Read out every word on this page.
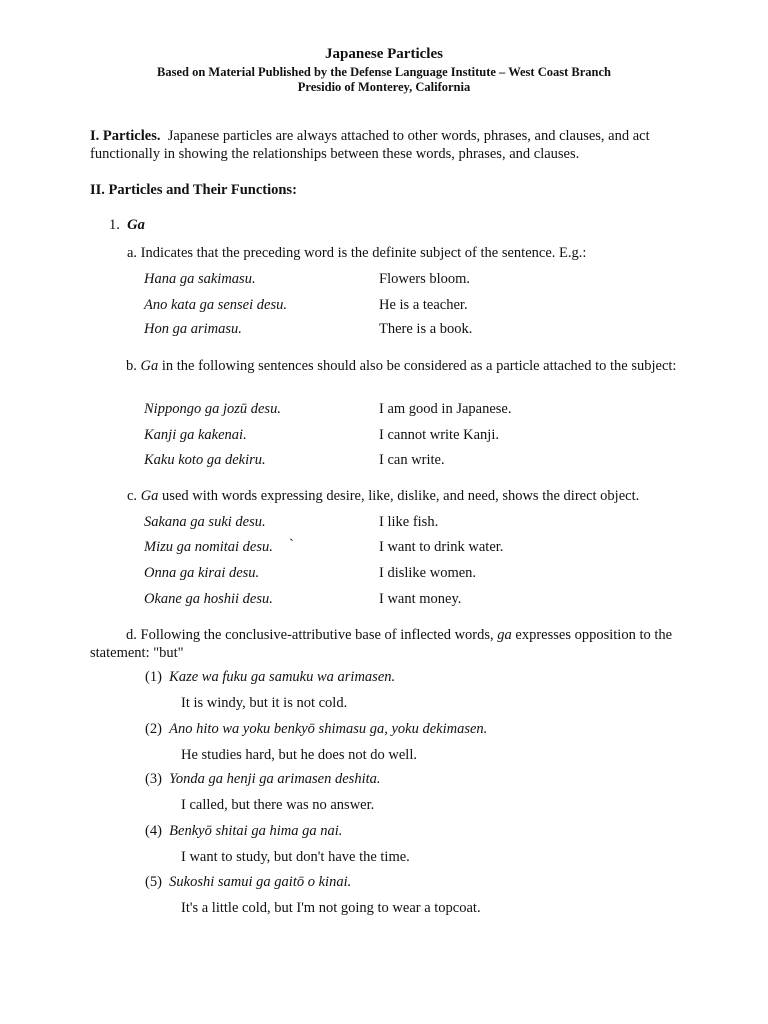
Japanese Particles
Based on Material Published by the Defense Language Institute – West Coast Branch
Presidio of Monterey, California
I. Particles. Japanese particles are always attached to other words, phrases, and clauses, and act functionally in showing the relationships between these words, phrases, and clauses.
II. Particles and Their Functions:
1. Ga
a. Indicates that the preceding word is the definite subject of the sentence. E.g.:
Hana ga sakimasu.	Flowers bloom.
Ano kata ga sensei desu.	He is a teacher.
Hon ga arimasu.	There is a book.
b. Ga in the following sentences should also be considered as a particle attached to the subject:
Nippongo ga jozū desu.	I am good in Japanese.
Kanji ga kakenai.	I cannot write Kanji.
Kaku koto ga dekiru.	I can write.
c. Ga used with words expressing desire, like, dislike, and need, shows the direct object.
Sakana ga suki desu.	I like fish.
Mizu ga nomitai desu. `	I want to drink water.
Onna ga kirai desu.	I dislike women.
Okane ga hoshii desu.	I want money.
d. Following the conclusive-attributive base of inflected words, ga expresses opposition to the statement: "but"
(1) Kaze wa fuku ga samuku wa arimasen.
It is windy, but it is not cold.
(2) Ano hito wa yoku benkyō shimasu ga, yoku dekimasen.
He studies hard, but he does not do well.
(3) Yonda ga henji ga arimasen deshita.
I called, but there was no answer.
(4) Benkyō shitai ga hima ga nai.
I want to study, but don't have the time.
(5) Sukoshi samui ga gaitō o kinai.
It's a little cold, but I'm not going to wear a topcoat.
